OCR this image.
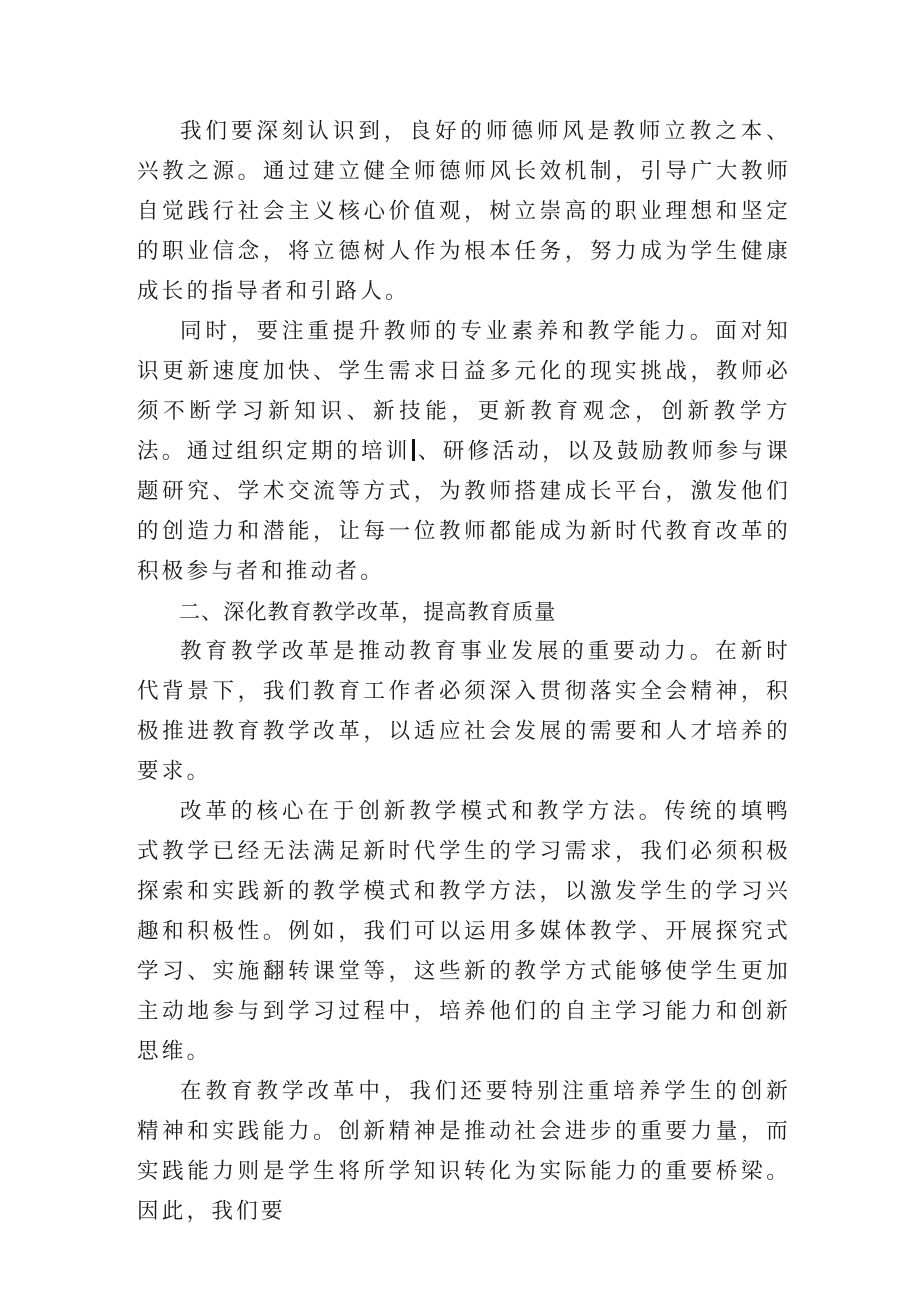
我们要深刻认识到，良好的师德师风是教师立教之本、兴教之源。通过建立健全师德师风长效机制，引导广大教师自觉践行社会主义核心价值观，树立崇高的职业理想和坚定的职业信念，将立德树人作为根本任务，努力成为学生健康成长的指导者和引路人。

同时，要注重提升教师的专业素养和教学能力。面对知识更新速度加快、学生需求日益多元化的现实挑战，教师必须不断学习新知识、新技能，更新教育观念，创新教学方法。通过组织定期的培训 、研修活动，以及鼓励教师参与课题研究、学术交流等方式，为教师搭建成长平台，激发他们的创造力和潜能，让每一位教师都能成为新时代教育改革的积极参与者和推动者。

二、深化教育教学改革，提高教育质量

教育教学改革是推动教育事业发展的重要动力。在新时代背景下，我们教育工作者必须深入贯彻落实全会精神，积极推进教育教学改革，以适应社会发展的需要和人才培养的要求。

改革的核心在于创新教学模式和教学方法。传统的填鸭式教学已经无法满足新时代学生的学习需求，我们必须积极探索和实践新的教学模式和教学方法，以激发学生的学习兴趣和积极性。例如，我们可以运用多媒体教学、开展探究式学习、实施翻转课堂等，这些新的教学方式能够使学生更加主动地参与到学习过程中，培养他们的自主学习能力和创新思维。

在教育教学改革中，我们还要特别注重培养学生的创新精神和实践能力。创新精神是推动社会进步的重要力量，而实践能力则是学生将所学知识转化为实际能力的重要桥梁。因此，我们要
